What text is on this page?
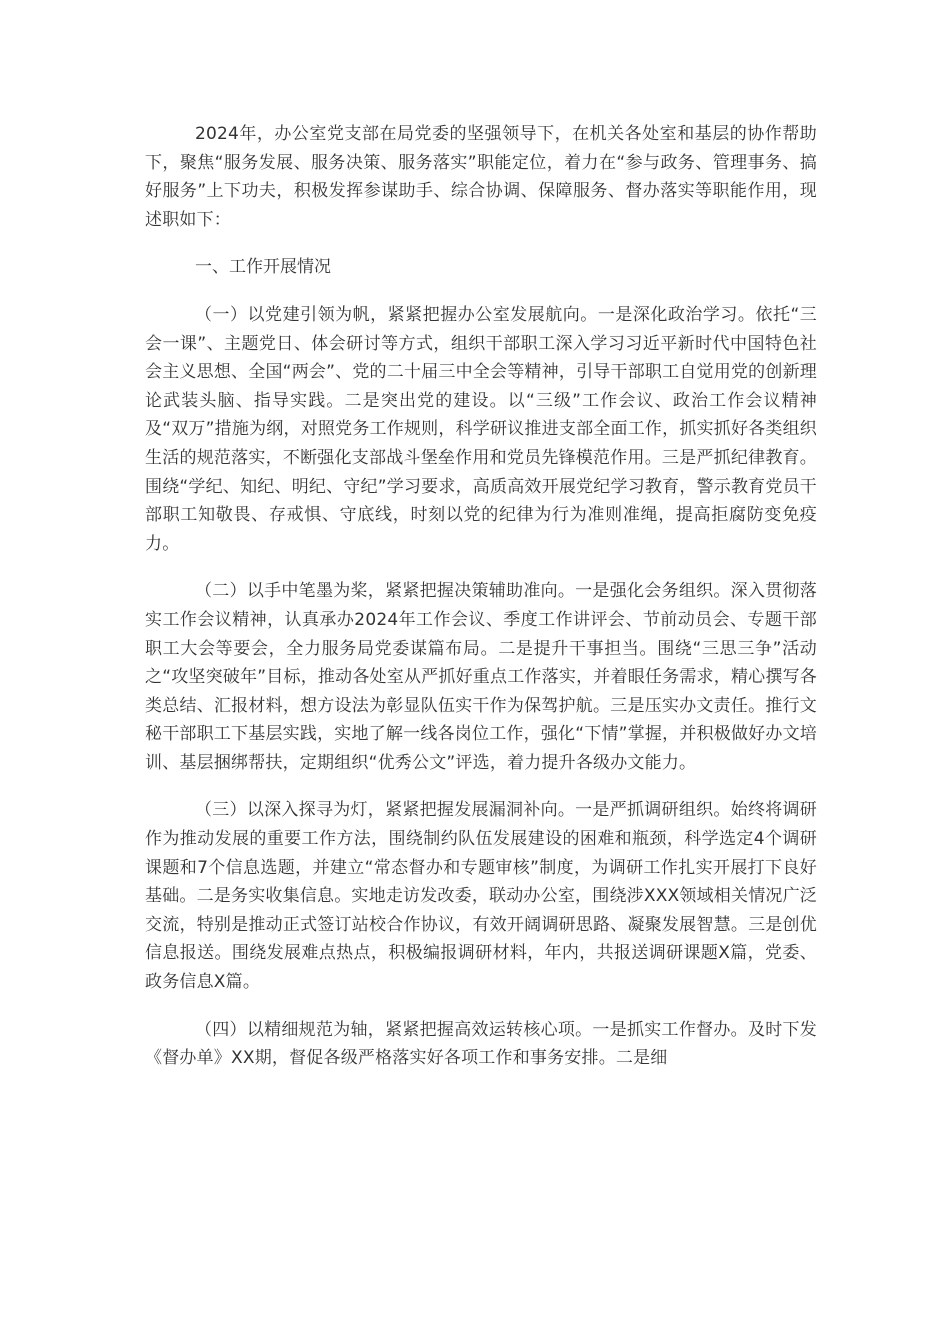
2024年，办公室党支部在局党委的坚强领导下，在机关各处室和基层的协作帮助下，聚焦“服务发展、服务决策、服务落实”职能定位，着力在“参与政务、管理事务、搞好服务”上下功夫，积极发挥参谋助手、综合协调、保障服务、督办落实等职能作用，现述职如下：

一、工作开展情况

（一）以党建引领为帆，紧紧把握办公室发展航向。一是深化政治学习。依托“三会一课”、主题党日、体会研讨等方式，组织干部职工深入学习习近平新时代中国特色社会主义思想、全国“两会”、党的二十届三中全会等精神，引导干部职工自觉用党的创新理论武装头脑、指导实践。二是突出党的建设。以“三级”工作会议、政治工作会议精神及“双万”措施为纲，对照党务工作规则，科学研议推进支部全面工作，抓实抓好各类组织生活的规范落实，不断强化支部战斗堡垒作用和党员先锋模范作用。三是严抓纪律教育。围绕“学纪、知纪、明纪、守纪”学习要求，高质高效开展党纪学习教育，警示教育党员干部职工知敬畏、存戒惧、守底线，时刻以党的纪律为行为准则准绳，提高拒腐防变免疫力。

（二）以手中笔墨为桨，紧紧把握决策辅助准向。一是强化会务组织。深入贯彻落实工作会议精神，认真承办2024年工作会议、季度工作讲评会、节前动员会、专题干部职工大会等要会，全力服务局党委谋篇布局。二是提升干事担当。围绕“三思三争”活动之“攻坚突破年”目标，推动各处室从严抓好重点工作落实，并着眼任务需求，精心撰写各类总结、汇报材料，想方设法为彰显队伍实干作为保驾护航。三是压实办文责任。推行文秘干部职工下基层实践，实地了解一线各岗位工作，强化“下情”掌握，并积极做好办文培训、基层捆绑帮扶，定期组织“优秀公文”评选，着力提升各级办文能力。

（三）以深入探寻为灯，紧紧把握发展漏洞补向。一是严抓调研组织。始终将调研作为推动发展的重要工作方法，围绕制约队伍发展建设的困难和瓶颈，科学选定4个调研课题和7个信息选题，并建立“常态督办和专题审核”制度，为调研工作扎实开展打下良好基础。二是务实收集信息。实地走访发改委，联动办公室，围绕涉XXX领域相关情况广泛交流，特别是推动正式签订站校合作协议，有效开阔调研思路、凝聚发展智慧。三是创优信息报送。围绕发展难点热点，积极编报调研材料，年内，共报送调研课题X篇，党委、政务信息X篇。

（四）以精细规范为轴，紧紧把握高效运转核心项。一是抓实工作督办。及时下发《督办单》XX期，督促各级严格落实好各项工作和事务安排。二是细
